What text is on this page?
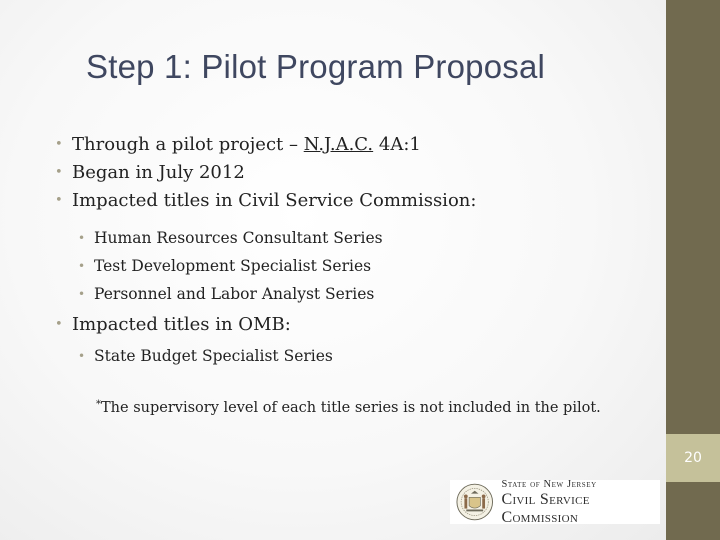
20
Step 1: Pilot Program Proposal
• Through a pilot project – N.J.A.C. 4A:1
• Began in July 2012
• Impacted titles in Civil Service Commission:
• Human Resources Consultant Series
• Test Development Specialist Series
• Personnel and Labor Analyst Series
• Impacted titles in OMB:
• State Budget Specialist Series
*The supervisory level of each title series is not included in the pilot.
State of New Jersey
Civil Service Commission
